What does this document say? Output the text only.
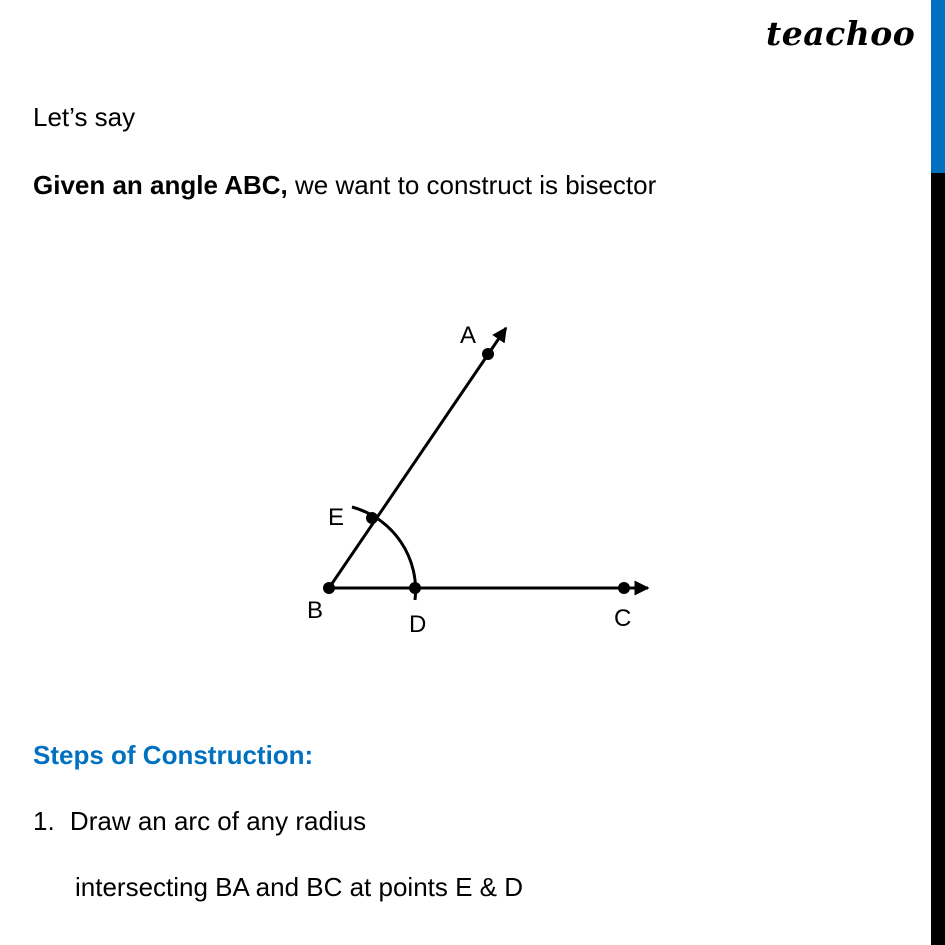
teachoo
Let’s say
Given an angle ABC, we want to construct is bisector
A
B	C
D
E
Steps of Construction:
1. Draw an arc of any radius
intersecting BA and BC at points E & D
